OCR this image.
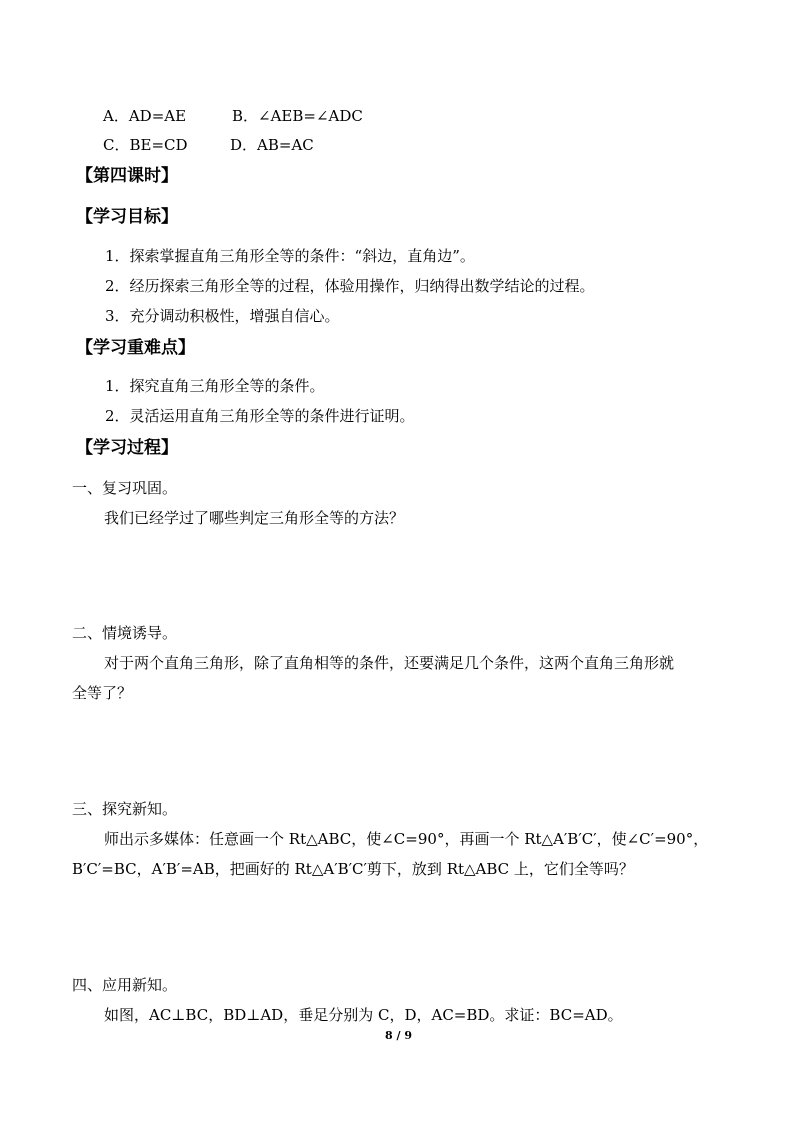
A．AD=AE	B．∠AEB=∠ADC
C．BE=CD	D．AB=AC
【第四课时】
【学习目标】
1．探索掌握直角三角形全等的条件：“斜边，直角边”。
2．经历探索三角形全等的过程，体验用操作，归纳得出数学结论的过程。
3．充分调动积极性，增强自信心。
【学习重难点】
1．探究直角三角形全等的条件。
2．灵活运用直角三角形全等的条件进行证明。
【学习过程】
一、复习巩固。
我们已经学过了哪些判定三角形全等的方法？
二、情境诱导。
对于两个直角三角形，除了直角相等的条件，还要满足几个条件，这两个直角三角形就
全等了？
三、探究新知。
师出示多媒体：任意画一个 Rt△ABC，使∠C=90°，再画一个 Rt△A′B′C′，使∠C′=90°，
B′C′=BC，A′B′=AB，把画好的 Rt△A′B′C′剪下，放到 Rt△ABC 上，它们全等吗？
四、应用新知。
如图，AC⊥BC，BD⊥AD，垂足分别为 C，D，AC=BD。求证：BC=AD。
8 / 9
